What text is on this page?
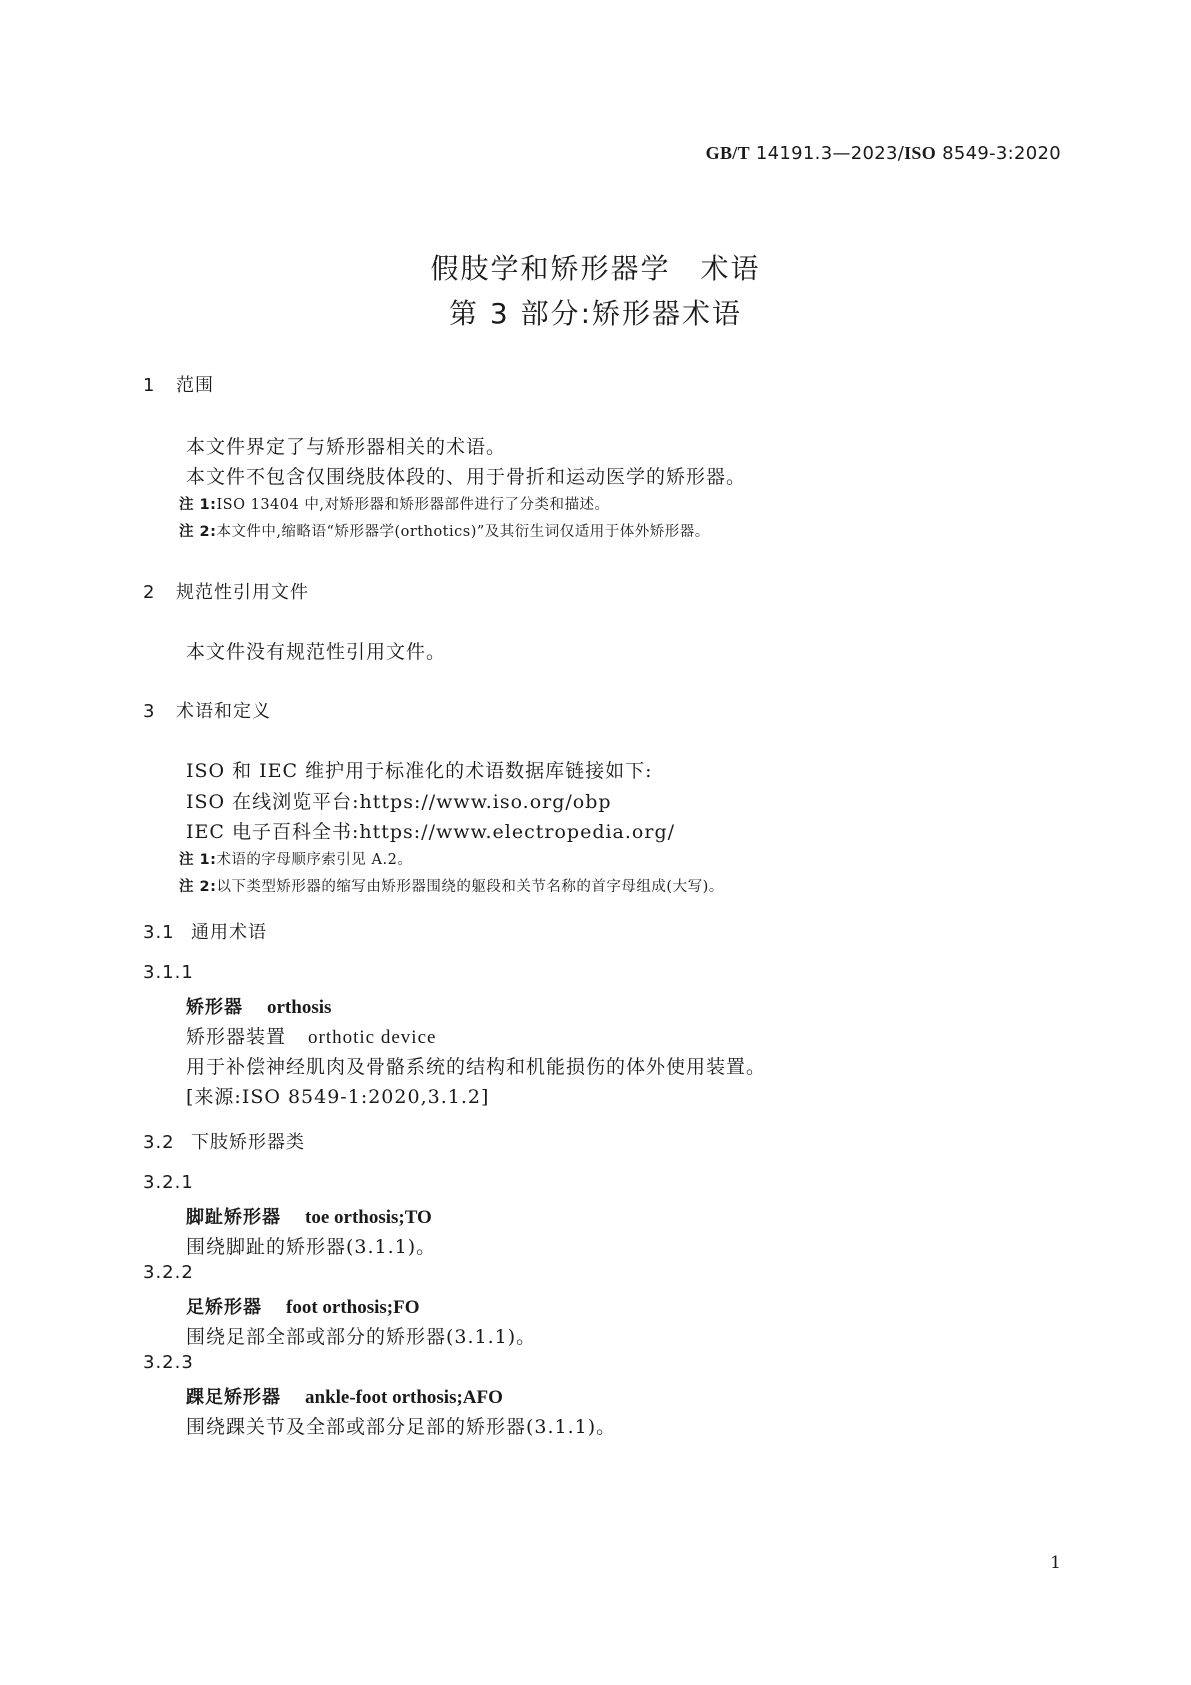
GB/T 14191.3—2023/ISO 8549-3:2020
假肢学和矫形器学　术语
第 3 部分:矫形器术语
1 范围
本文件界定了与矫形器相关的术语。
本文件不包含仅围绕肢体段的、用于骨折和运动医学的矫形器。
注 1:ISO 13404 中,对矫形器和矫形器部件进行了分类和描述。
注 2:本文件中,缩略语“矫形器学(orthotics)”及其衍生词仅适用于体外矫形器。
2 规范性引用文件
本文件没有规范性引用文件。
3 术语和定义
ISO 和 IEC 维护用于标准化的术语数据库链接如下:
ISO 在线浏览平台:https://www.iso.org/obp
IEC 电子百科全书:https://www.electropedia.org/
注 1:术语的字母顺序索引见 A.2。
注 2:以下类型矫形器的缩写由矫形器围绕的躯段和关节名称的首字母组成(大写)。
3.1 通用术语
3.1.1
矫形器 orthosis
矫形器装置 orthotic device
用于补偿神经肌肉及骨骼系统的结构和机能损伤的体外使用装置。
[来源:ISO 8549-1:2020,3.1.2]
3.2 下肢矫形器类
3.2.1
脚趾矫形器 toe orthosis;TO
围绕脚趾的矫形器(3.1.1)。
3.2.2
足矫形器 foot orthosis;FO
围绕足部全部或部分的矫形器(3.1.1)。
3.2.3
踝足矫形器 ankle-foot orthosis;AFO
围绕踝关节及全部或部分足部的矫形器(3.1.1)。
1
